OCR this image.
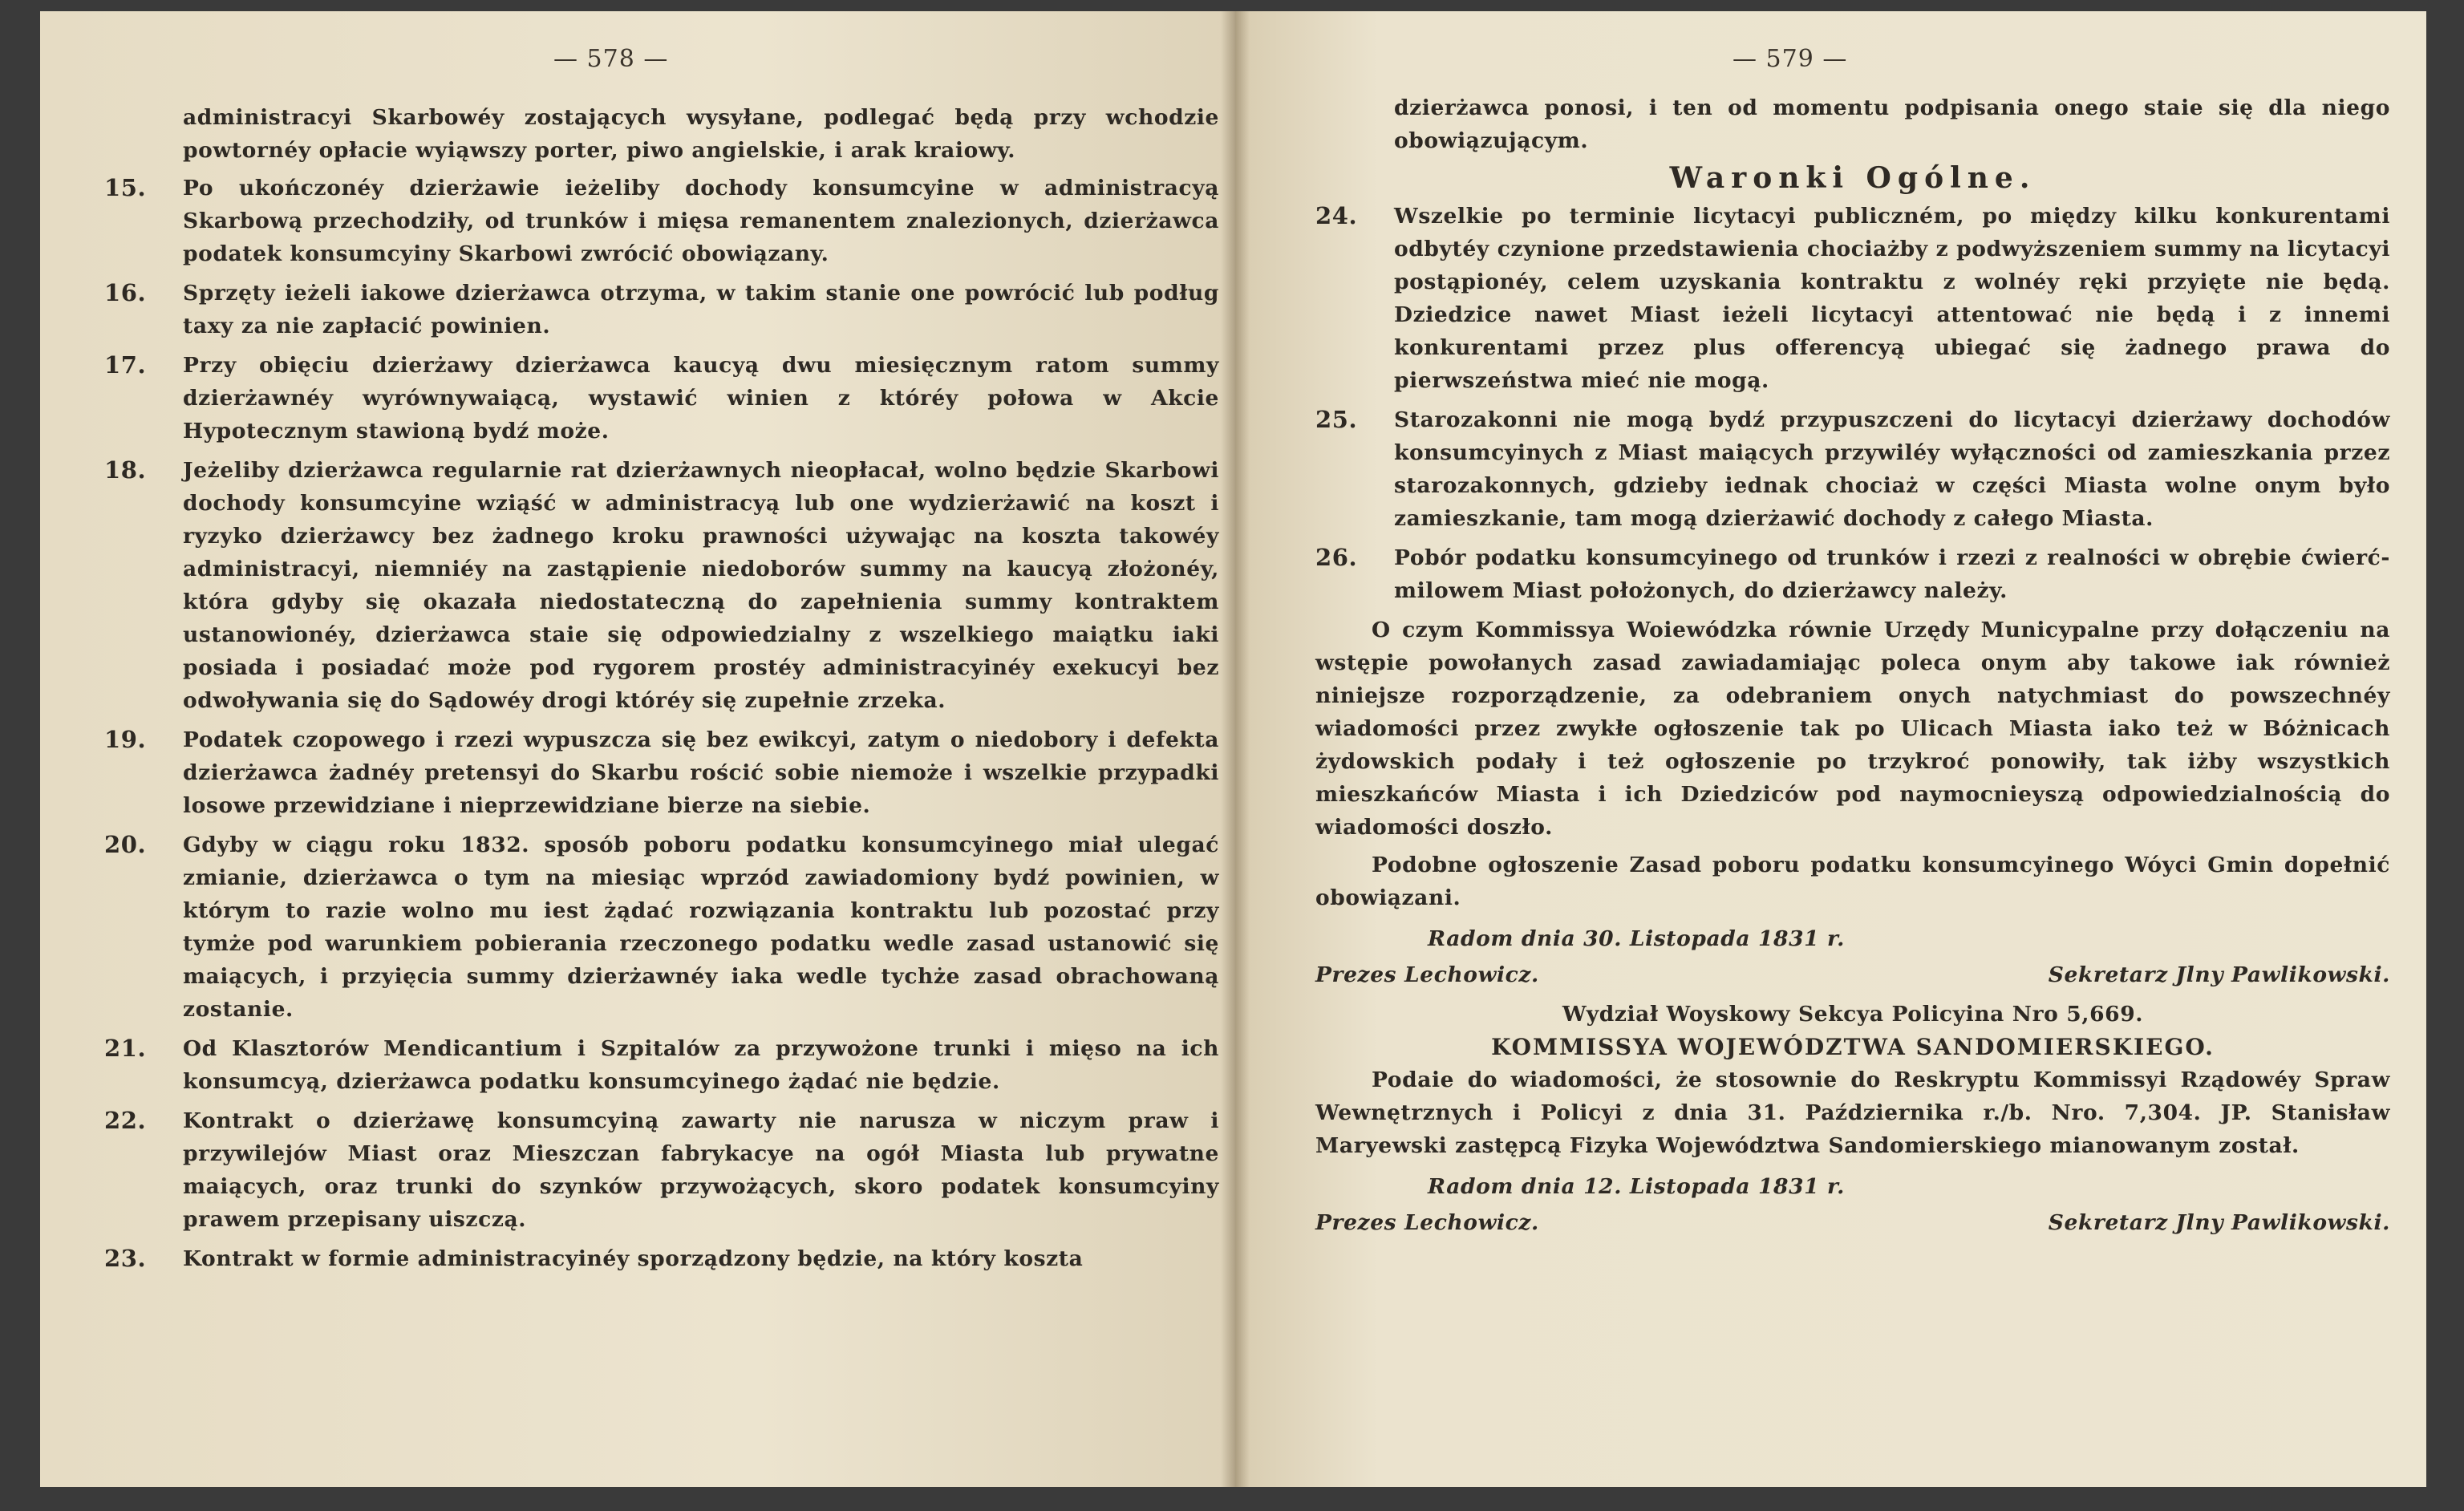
— 578 —

administracyi Skarbowéy zostających wysyłane, podlegać będą przy wchodzie powtornéy opłacie wyiąwszy porter, piwo angielskie, i arak kraiowy.

15.	Po ukończonéy dzierżawie ieżeliby dochody konsumcyine w administracyą Skarbową przechodziły, od trunków i mięsa remanentem znalezionych, dzierżawca podatek konsumcyiny Skarbowi zwrócić obowiązany.
16.	Sprzęty ieżeli iakowe dzierżawca otrzyma, w takim stanie one powrócić lub podług taxy za nie zapłacić powinien.
17.	Przy obięciu dzierżawy dzierżawca kaucyą dwu miesięcznym ratom summy dzierżawnéy wyrównywaiącą, wystawić winien z któréy połowa w Akcie Hypotecznym stawioną bydź może.
18.	Jeżeliby dzierżawca regularnie rat dzierżawnych nieopłacał, wolno będzie Skarbowi dochody konsumcyine wziąść w administracyą lub one wydzierżawić na koszt i ryzyko dzierżawcy bez żadnego kroku prawności używając na koszta takowéy administracyi, niemniéy na zastąpienie niedoborów summy na kaucyą złożonéy, która gdyby się okazała niedostateczną do zapełnienia summy kontraktem ustanowionéy, dzierżawca staie się odpowiedzialny z wszelkiego maiątku iaki posiada i posiadać może pod rygorem prostéy administracyinéy exekucyi bez odwoływania się do Sądowéy drogi któréy się zupełnie zrzeka.
19.	Podatek czopowego i rzezi wypuszcza się bez ewikcyi, zatym o niedobory i defekta dzierżawca żadnéy pretensyi do Skarbu rościć sobie niemoże i wszelkie przypadki losowe przewidziane i nieprzewidziane bierze na siebie.
20.	Gdyby w ciągu roku 1832. sposób poboru podatku konsumcyinego miał ulegać zmianie, dzierżawca o tym na miesiąc wprzód zawiadomiony bydź powinien, w którym to razie wolno mu iest żądać rozwiązania kontraktu lub pozostać przy tymże pod warunkiem pobierania rzeczonego podatku wedle zasad ustanowić się maiących, i przyięcia summy dzierżawnéy iaka wedle tychże zasad obrachowaną zostanie.
21.	Od Klasztorów Mendicantium i Szpitalów za przywożone trunki i mięso na ich konsumcyą, dzierżawca podatku konsumcyinego żądać nie będzie.
22.	Kontrakt o dzierżawę konsumcyiną zawarty nie narusza w niczym praw i przywilejów Miast oraz Mieszczan fabrykacye na ogół Miasta lub prywatne maiących, oraz trunki do szynków przywożących, skoro podatek konsumcyiny prawem przepisany uiszczą.
23.	Kontrakt w formie administracyinéy sporządzony będzie, na który koszta
— 579 —

dzierżawca ponosi, i ten od momentu podpisania onego staie się dla niego obowiązującym.

Waronki Ogólne.
24.	Wszelkie po terminie licytacyi publiczném, po między kilku konkurentami odbytéy czynione przedstawienia chociażby z podwyższeniem summy na licytacyi postąpionéy, celem uzyskania kontraktu z wolnéy ręki przyięte nie będą. Dziedzice nawet Miast ieżeli licytacyi attentować nie będą i z innemi konkurentami przez plus offerencyą ubiegać się żadnego prawa do pierwszeństwa mieć nie mogą.
25.	Starozakonni nie mogą bydź przypuszczeni do licytacyi dzierżawy dochodów konsumcyinych z Miast maiących przywiléy wyłączności od zamieszkania przez starozakonnych, gdzieby iednak chociaż w części Miasta wolne onym było zamieszkanie, tam mogą dzierżawić dochody z całego Miasta.
26.	Pobór podatku konsumcyinego od trunków i rzezi z realności w obrębie ćwierć-milowem Miast położonych, do dzierżawcy należy.

O czym Kommissya Woiewódzka równie Urzędy Municypalne przy dołączeniu na wstępie powołanych zasad zawiadamiając poleca onym aby takowe iak również niniejsze rozporządzenie, za odebraniem onych natychmiast do powszechnéy wiadomości przez zwykłe ogłoszenie tak po Ulicach Miasta iako też w Bóżnicach żydowskich podały i też ogłoszenie po trzykroć ponowiły, tak iżby wszystkich mieszkańców Miasta i ich Dziedziców pod naymocnieyszą odpowiedzialnością do wiadomości doszło.

Podobne ogłoszenie Zasad poboru podatku konsumcyinego Wóyci Gmin dopełnić obowiązani.

Radom dnia 30. Listopada 1831 r.
Prezes Lechowicz.	Sekretarz Jlny Pawlikowski.
Wydział Woyskowy Sekcya Policyina Nro 5,669.
KOMMISSYA WOJEWÓDZTWA SANDOMIERSKIEGO.

Podaie do wiadomości, że stosownie do Reskryptu Kommissyi Rządowéy Spraw Wewnętrznych i Policyi z dnia 31. Października r./b. Nro. 7,304. JP. Stanisław Maryewski zastępcą Fizyka Województwa Sandomierskiego mianowanym został.

Radom dnia 12. Listopada 1831 r.
Prezes Lechowicz.	Sekretarz Jlny Pawlikowski.
